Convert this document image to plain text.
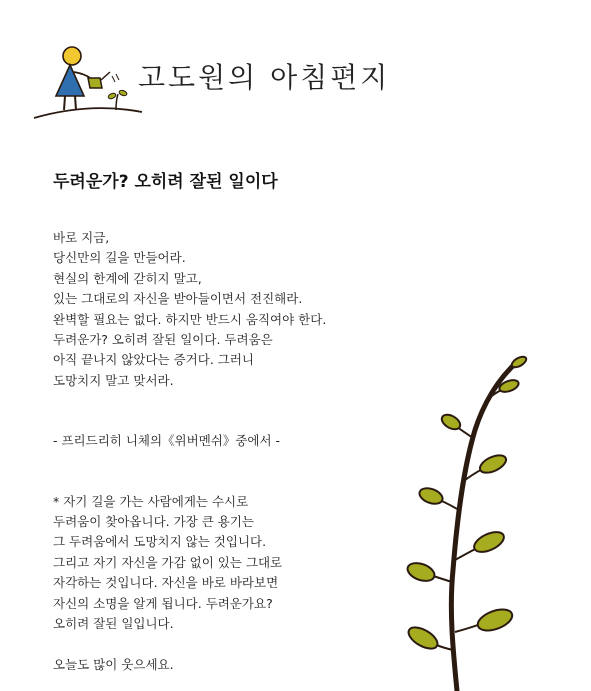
고도원의 아침편지
두려운가? 오히려 잘된 일이다

바로 지금,

당신만의 길을 만들어라.

현실의 한계에 갇히지 말고,

있는 그대로의 자신을 받아들이면서 전진해라.

완벽할 필요는 없다. 하지만 반드시 움직여야 한다.

두려운가? 오히려 잘된 일이다. 두려움은

아직 끝나지 않았다는 증거다. 그러니

도망치지 말고 맞서라.

- 프리드리히 니체의《위버멘쉬》중에서 -

* 자기 길을 가는 사람에게는 수시로

두려움이 찾아옵니다. 가장 큰 용기는

그 두려움에서 도망치지 않는 것입니다.

그리고 자기 자신을 가감 없이 있는 그대로

자각하는 것입니다. 자신을 바로 바라보면

자신의 소명을 알게 됩니다. 두려운가요?

오히려 잘된 일입니다.

오늘도 많이 웃으세요.
